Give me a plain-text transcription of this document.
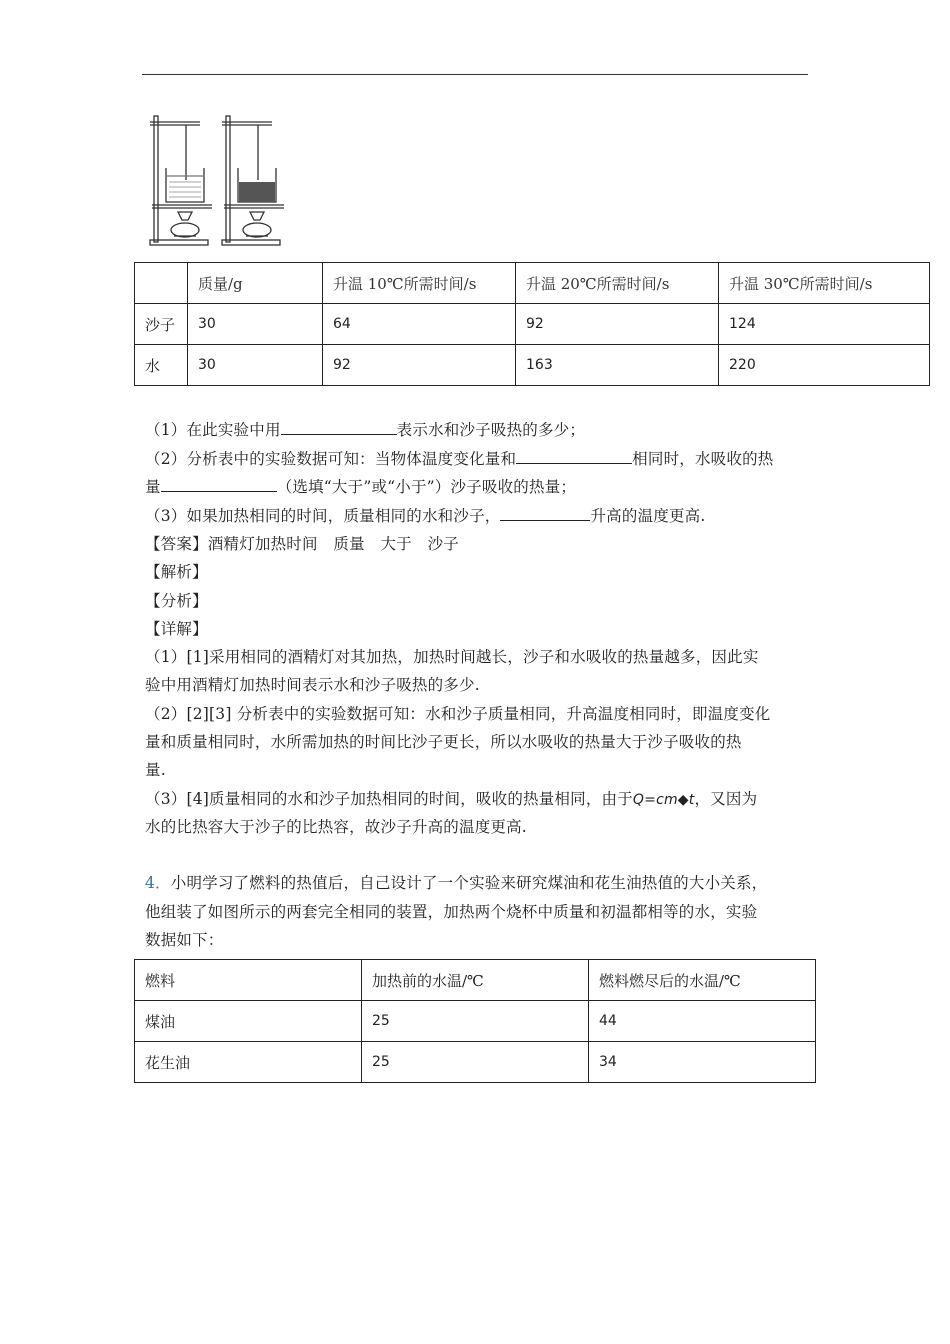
	质量/g	升温 10℃所需时间/s	升温 20℃所需时间/s	升温 30℃所需时间/s
沙子	30	64	92	124
水	30	92	163	220
（1）在此实验中用	表示水和沙子吸热的多少；
（2）分析表中的实验数据可知：当物体温度变化量和	相同时，水吸收的热
量	（选填“大于”或“小于”）沙子吸收的热量；
（3）如果加热相同的时间，质量相同的水和沙子，	升高的温度更高.
【答案】酒精灯加热时间　质量　大于　沙子
【解析】
【分析】
【详解】
（1）[1]采用相同的酒精灯对其加热，加热时间越长，沙子和水吸收的热量越多，因此实
验中用酒精灯加热时间表示水和沙子吸热的多少.
（2）[2][3] 分析表中的实验数据可知：水和沙子质量相同，升高温度相同时，即温度变化
量和质量相同时，水所需加热的时间比沙子更长，所以水吸收的热量大于沙子吸收的热
量.
（3）[4]质量相同的水和沙子加热相同的时间，吸收的热量相同，由于Q=cm◆t，又因为
水的比热容大于沙子的比热容，故沙子升高的温度更高.
4．小明学习了燃料的热值后，自己设计了一个实验来研究煤油和花生油热值的大小关系，
他组装了如图所示的两套完全相同的装置，加热两个烧杯中质量和初温都相等的水，实验
数据如下：
燃料	加热前的水温/℃	燃料燃尽后的水温/℃
煤油	25	44
花生油	25	34
